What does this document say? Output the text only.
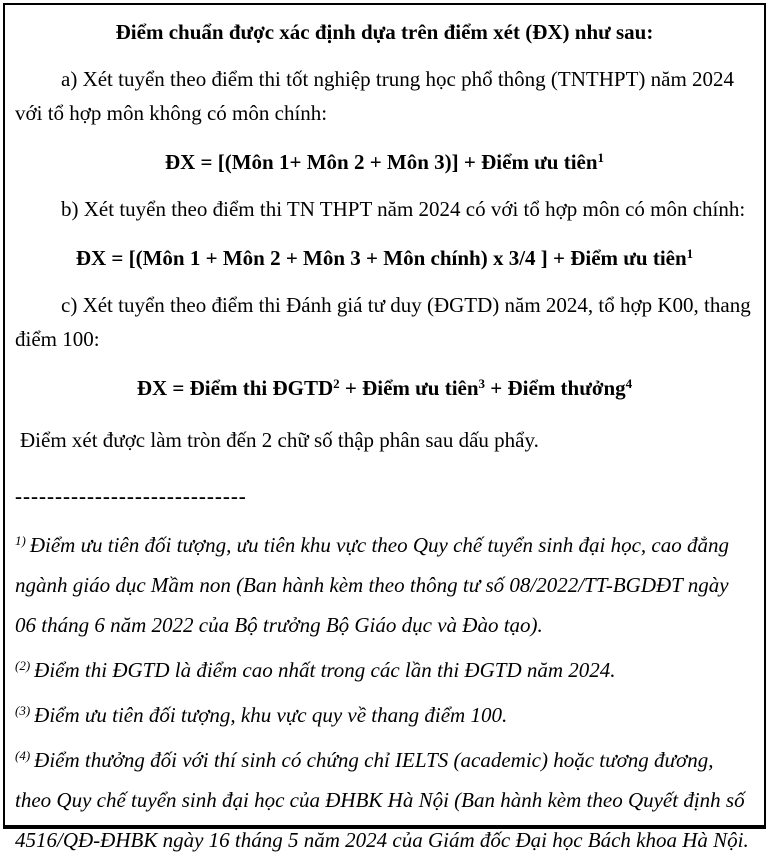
Điểm chuẩn được xác định dựa trên điểm xét (ĐX) như sau:
a) Xét tuyển theo điểm thi tốt nghiệp trung học phổ thông (TNTHPT) năm 2024 với tổ hợp môn không có môn chính:
ĐX = [(Môn 1+ Môn 2 + Môn 3)] + Điểm ưu tiên$^1$
b) Xét tuyển theo điểm thi TN THPT năm 2024 có với tổ hợp môn có môn chính:
ĐX = [(Môn 1 + Môn 2 + Môn 3 + Môn chính) x 3/4 ] + Điểm ưu tiên$^1$
c) Xét tuyển theo điểm thi Đánh giá tư duy (ĐGTD) năm 2024, tổ hợp K00, thang điểm 100:
ĐX = Điểm thi $ĐGTD^2$ + Điểm ưu tiên$^3$ + Điểm thưởng$^4$
Điểm xét được làm tròn đến 2 chữ số thập phân sau dấu phẩy.
-----------------------------
$^{1)}$ Điểm ưu tiên đối tượng, ưu tiên khu vực theo Quy chế tuyển sinh đại học, cao đẳng ngành giáo dục Mầm non (Ban hành kèm theo thông tư số 08/2022/TT-BGDĐT ngày 06 tháng 6 năm 2022 của Bộ trưởng Bộ Giáo dục và Đào tạo).
$^{(2)}$ Điểm thi ĐGTD là điểm cao nhất trong các lần thi ĐGTD năm 2024.
$^{(3)}$ Điểm ưu tiên đối tượng, khu vực quy về thang điểm 100.
$^{(4)}$ Điểm thưởng đối với thí sinh có chứng chỉ IELTS (academic) hoặc tương đương, theo Quy chế tuyển sinh đại học của ĐHBK Hà Nội (Ban hành kèm theo Quyết định số 4516/QĐ-ĐHBK ngày 16 tháng 5 năm 2024 của Giám đốc Đại học Bách khoa Hà Nội.
